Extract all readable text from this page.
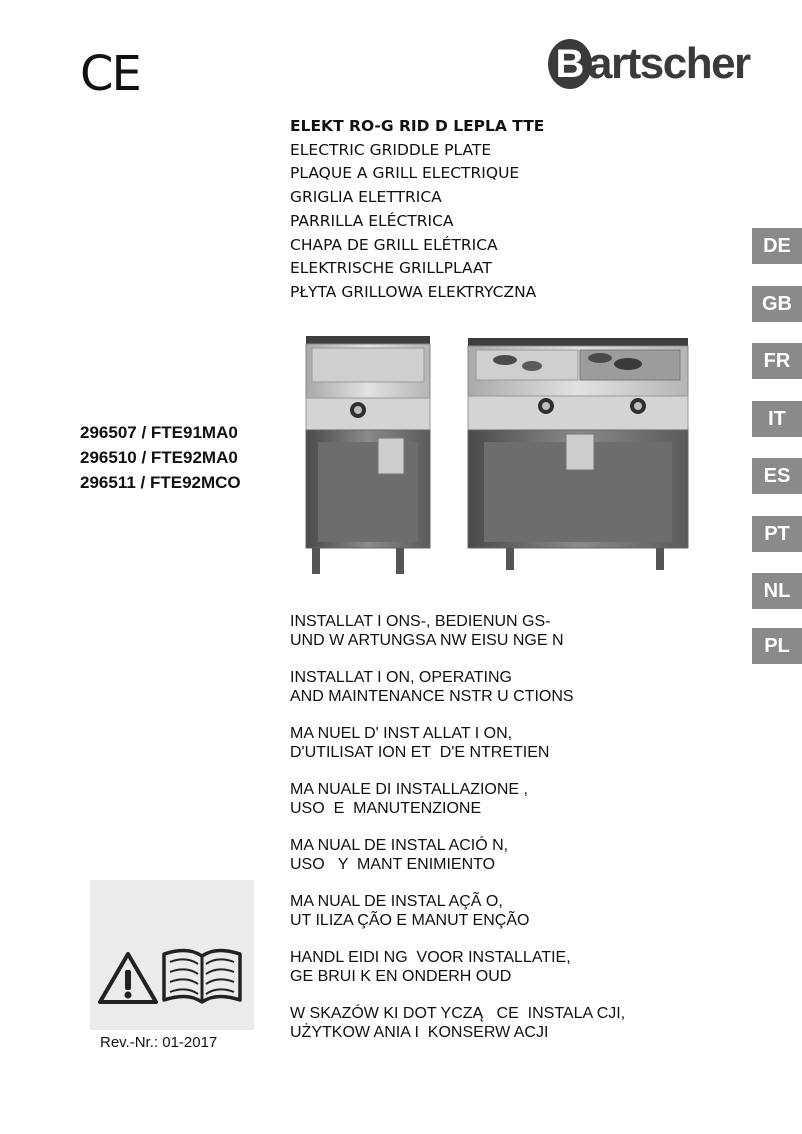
CE	B artscher
ELEKT RO-G RID D LEPLA TTE
ELECTRIC GRIDDLE PLATE
PLAQUE A GRILL ELECTRIQUE
GRIGLIA ELETTRICA
PARRILLA ELÉCTRICA
CHAPA DE GRILL ELÉTRICA
ELEKTRISCHE GRILLPLAAT
PŁYTA GRILLOWA ELEKTRYCZNA
DE
GB
FR
IT
ES
PT
NL
PL
296507 / FTE91MA0
296510 / FTE92MA0
296511 / FTE92MCO
INSTALLAT I ONS-, BEDIENUN GS-
UND W ARTUNGSA NW EISU NGE N
INSTALLAT I ON, OPERATING
AND MAINTENANCE NSTR U CTIONS
MA NUEL D' INST ALLAT I ON,
D'UTILISAT ION ET  D'E NTRETIEN
MA NUALE DI INSTALLAZIONE ,
USO  E  MANUTENZIONE
MA NUAL DE INSTAL ACIÓ N,
USO   Y  MANT ENIMIENTO
MA NUAL DE INSTAL AÇÃ O,
UT ILIZA ÇÃO E MANUT ENÇÃO
HANDL EIDI NG  VOOR INSTALLATIE,
GE BRUI K EN ONDERH OUD
W SKAZÓW KI DOT YCZĄ   CE  INSTALA CJI,
UŻYTKOW ANIA I  KONSERW ACJI
Rev.-Nr.: 01-2017
